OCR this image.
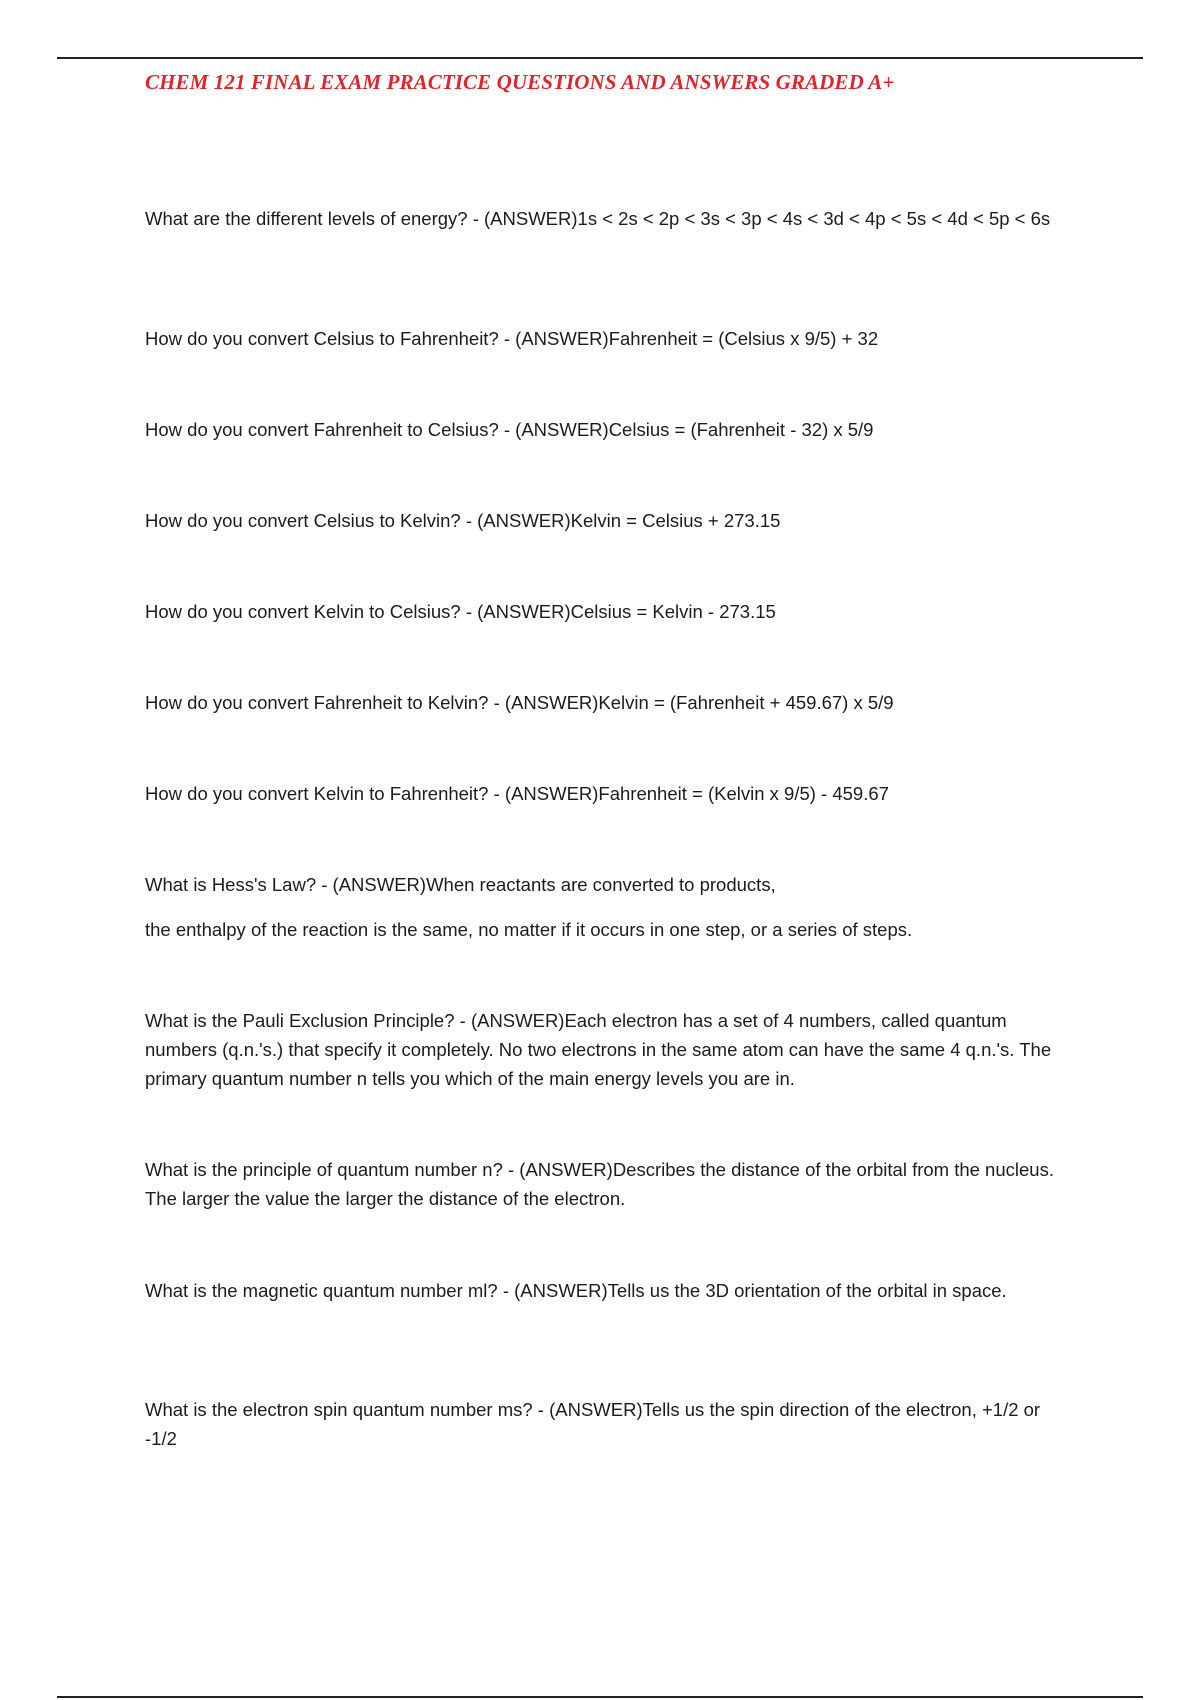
CHEM 121 FINAL EXAM PRACTICE QUESTIONS AND ANSWERS GRADED A+

What are the different levels of energy? - (ANSWER)1s < 2s < 2p < 3s < 3p < 4s < 3d < 4p < 5s < 4d < 5p < 6s

How do you convert Celsius to Fahrenheit? - (ANSWER)Fahrenheit = (Celsius x 9/5) + 32

How do you convert Fahrenheit to Celsius? - (ANSWER)Celsius = (Fahrenheit - 32) x 5/9

How do you convert Celsius to Kelvin? - (ANSWER)Kelvin = Celsius + 273.15

How do you convert Kelvin to Celsius? - (ANSWER)Celsius = Kelvin - 273.15

How do you convert Fahrenheit to Kelvin? - (ANSWER)Kelvin = (Fahrenheit + 459.67) x 5/9

How do you convert Kelvin to Fahrenheit? - (ANSWER)Fahrenheit = (Kelvin x 9/5) - 459.67

What is Hess's Law? - (ANSWER)When reactants are converted to products,

the enthalpy of the reaction is the same, no matter if it occurs in one step, or a series of steps.

What is the Pauli Exclusion Principle? - (ANSWER)Each electron has a set of 4 numbers, called quantum numbers (q.n.'s.) that specify it completely. No two electrons in the same atom can have the same 4 q.n.'s. The primary quantum number n tells you which of the main energy levels you are in.

What is the principle of quantum number n? - (ANSWER)Describes the distance of the orbital from the nucleus. The larger the value the larger the distance of the electron.

What is the magnetic quantum number ml? - (ANSWER)Tells us the 3D orientation of the orbital in space.

What is the electron spin quantum number ms? - (ANSWER)Tells us the spin direction of the electron, +1/2 or -1/2
